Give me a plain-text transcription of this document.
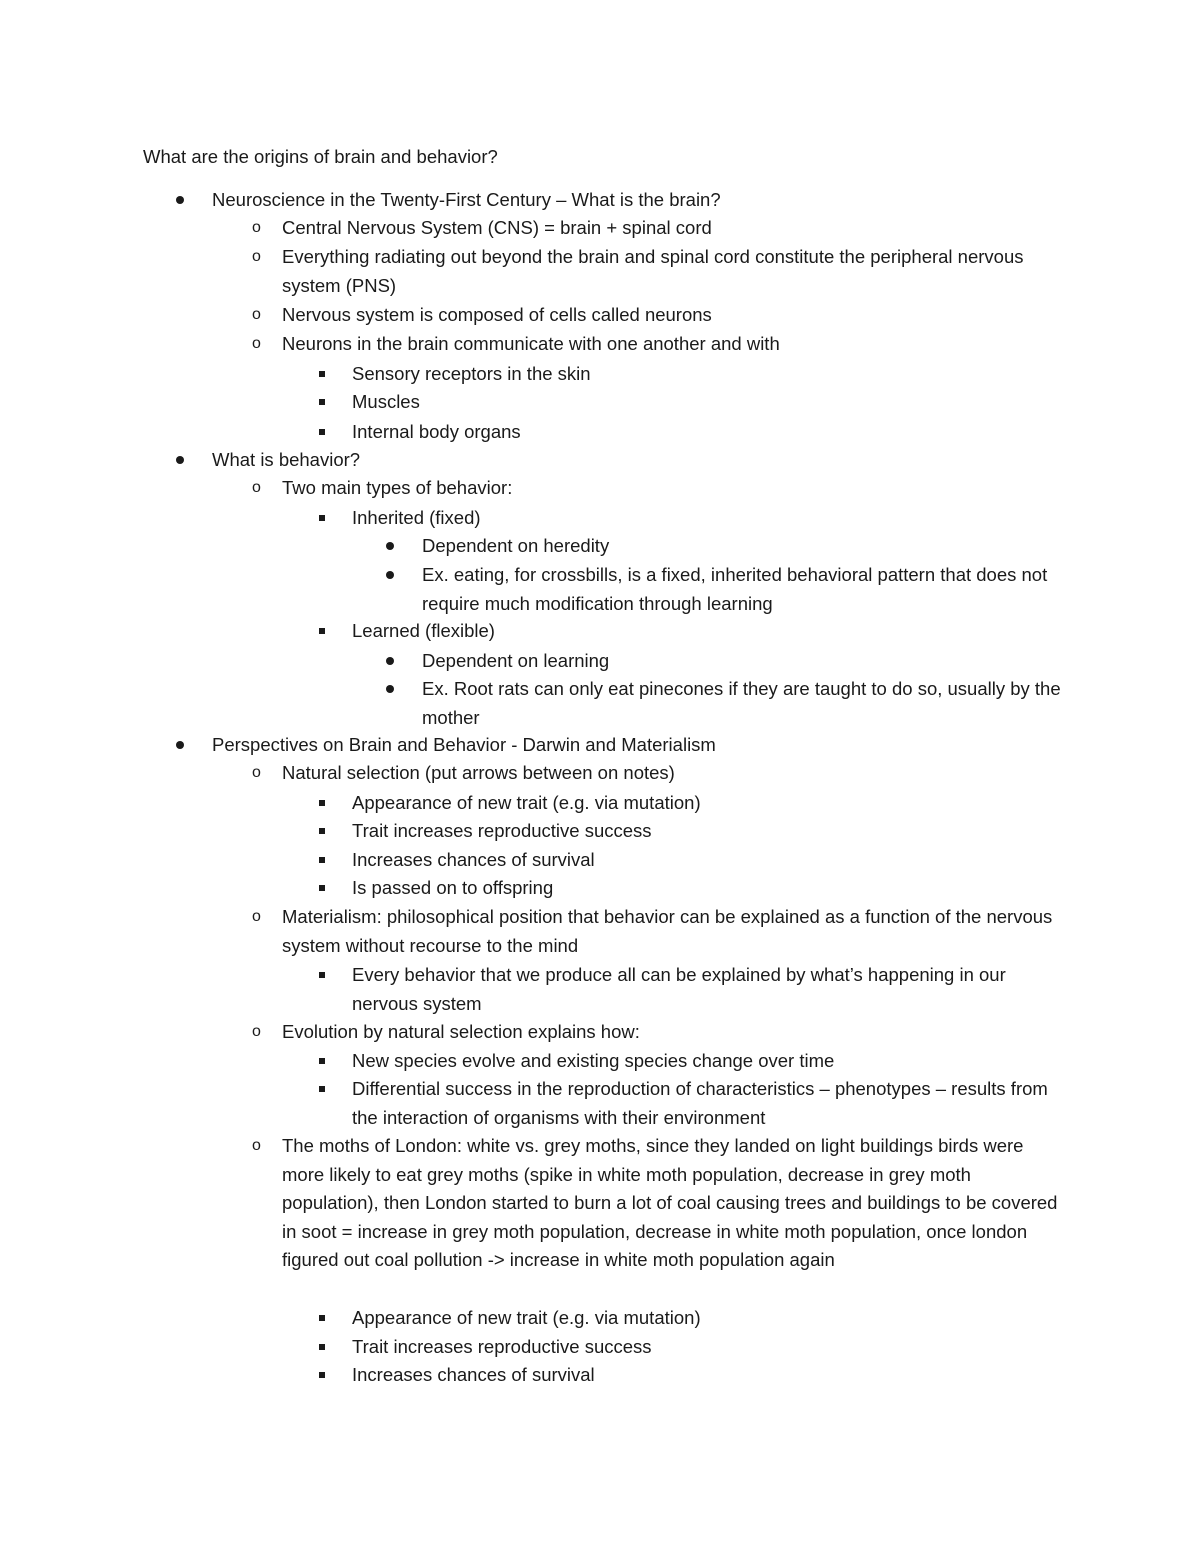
What are the origins of brain and behavior?
Neuroscience in the Twenty-First Century – What is the brain?
o Central Nervous System (CNS) = brain + spinal cord
o Everything radiating out beyond the brain and spinal cord constitute the peripheral nervous system (PNS)
o Nervous system is composed of cells called neurons
o Neurons in the brain communicate with one another and with
Sensory receptors in the skin
Muscles
Internal body organs
What is behavior?
o Two main types of behavior:
Inherited (fixed)
Dependent on heredity
Ex. eating, for crossbills, is a fixed, inherited behavioral pattern that does not require much modification through learning
Learned (flexible)
Dependent on learning
Ex. Root rats can only eat pinecones if they are taught to do so, usually by the mother
Perspectives on Brain and Behavior - Darwin and Materialism
o Natural selection (put arrows between on notes)
Appearance of new trait (e.g. via mutation)
Trait increases reproductive success
Increases chances of survival
Is passed on to offspring
o Materialism: philosophical position that behavior can be explained as a function of the nervous system without recourse to the mind
Every behavior that we produce all can be explained by what’s happening in our nervous system
o Evolution by natural selection explains how:
New species evolve and existing species change over time
Differential success in the reproduction of characteristics – phenotypes – results from the interaction of organisms with their environment
o The moths of London: white vs. grey moths, since they landed on light buildings birds were more likely to eat grey moths (spike in white moth population, decrease in grey moth population), then London started to burn a lot of coal causing trees and buildings to be covered in soot = increase in grey moth population, decrease in white moth population, once london figured out coal pollution -> increase in white moth population again
Appearance of new trait (e.g. via mutation)
Trait increases reproductive success
Increases chances of survival
